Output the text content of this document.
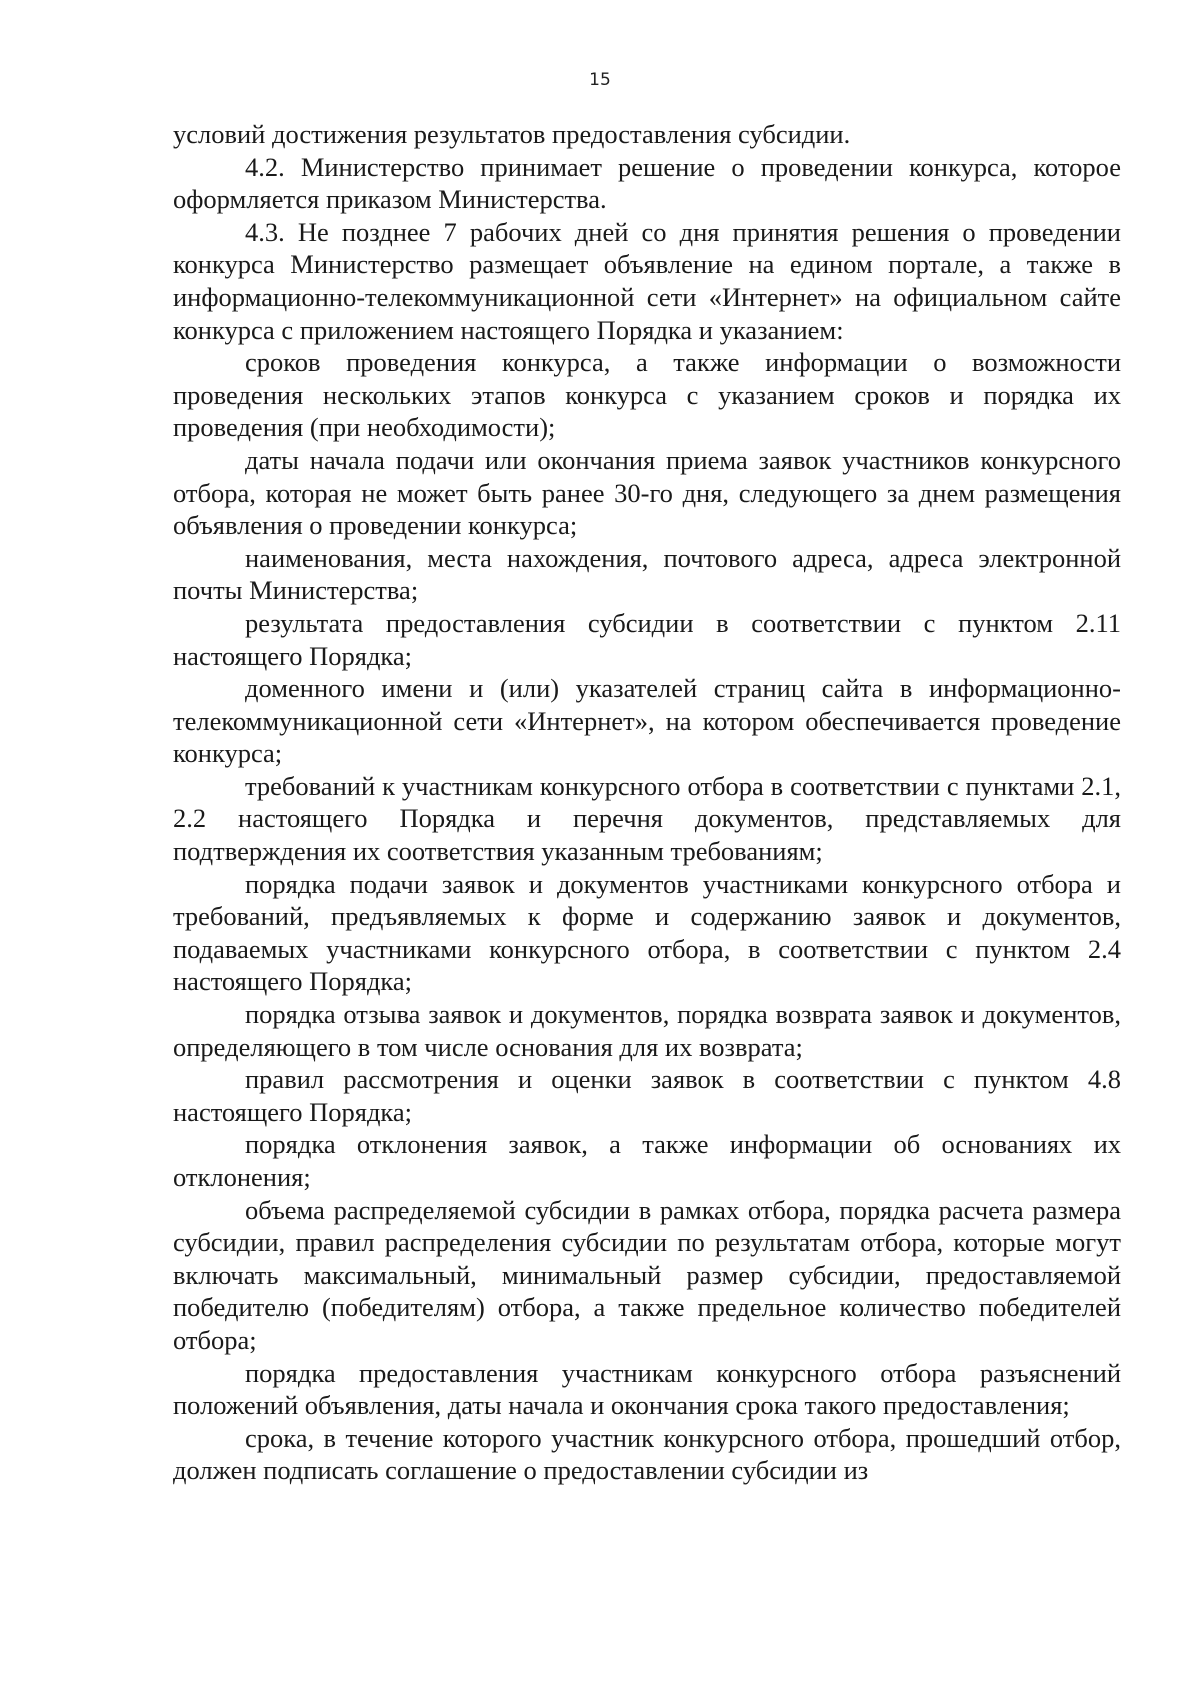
15

условий достижения результатов предоставления субсидии.

4.2. Министерство принимает решение о проведении конкурса, которое оформляется приказом Министерства.

4.3. Не позднее 7 рабочих дней со дня принятия решения о проведении конкурса Министерство размещает объявление на едином портале, а также в информационно-телекоммуникационной сети «Интернет» на официальном сайте конкурса с приложением настоящего Порядка и указанием:

сроков проведения конкурса, а также информации о возможности проведения нескольких этапов конкурса с указанием сроков и порядка их проведения (при необходимости);

даты начала подачи или окончания приема заявок участников конкурсного отбора, которая не может быть ранее 30-го дня, следующего за днем размещения объявления о проведении конкурса;

наименования, места нахождения, почтового адреса, адреса электронной почты Министерства;

результата предоставления субсидии в соответствии с пунктом 2.11 настоящего Порядка;

доменного имени и (или) указателей страниц сайта в информационно-телекоммуникационной сети «Интернет», на котором обеспечивается проведение конкурса;

требований к участникам конкурсного отбора в соответствии с пунктами 2.1, 2.2 настоящего Порядка и перечня документов, представляемых для подтверждения их соответствия указанным требованиям;

порядка подачи заявок и документов участниками конкурсного отбора и требований, предъявляемых к форме и содержанию заявок и документов, подаваемых участниками конкурсного отбора, в соответствии с пунктом 2.4 настоящего Порядка;

порядка отзыва заявок и документов, порядка возврата заявок и документов, определяющего в том числе основания для их возврата;

правил рассмотрения и оценки заявок в соответствии с пунктом 4.8 настоящего Порядка;

порядка отклонения заявок, а также информации об основаниях их отклонения;

объема распределяемой субсидии в рамках отбора, порядка расчета размера субсидии, правил распределения субсидии по результатам отбора, которые могут включать максимальный, минимальный размер субсидии, предоставляемой победителю (победителям) отбора, а также предельное количество победителей отбора;

порядка предоставления участникам конкурсного отбора разъяснений положений объявления, даты начала и окончания срока такого предоставления;

срока, в течение которого участник конкурсного отбора, прошедший отбор, должен подписать соглашение о предоставлении субсидии из
